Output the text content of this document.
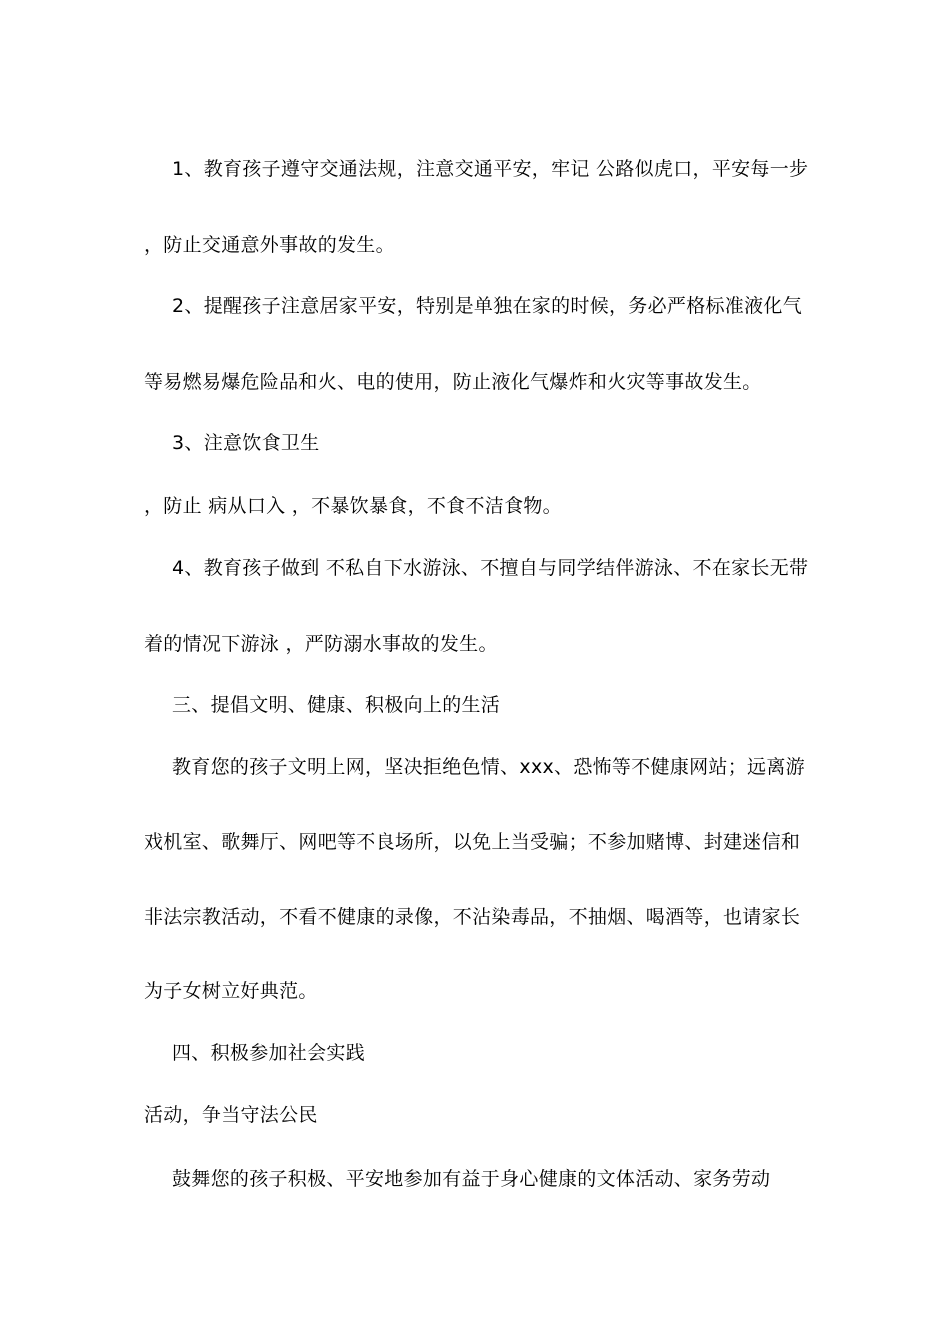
1、教育孩子遵守交通法规，注意交通平安，牢记 公路似虎口，平安每一步

，防止交通意外事故的发生。

2、提醒孩子注意居家平安，特别是单独在家的时候，务必严格标准液化气

等易燃易爆危险品和火、电的使用，防止液化气爆炸和火灾等事故发生。

3、注意饮食卫生

，防止 病从口入 ，不暴饮暴食，不食不洁食物。

4、教育孩子做到 不私自下水游泳、不擅自与同学结伴游泳、不在家长无带

着的情况下游泳 ，严防溺水事故的发生。

三、提倡文明、健康、积极向上的生活

教育您的孩子文明上网，坚决拒绝色情、xxx、恐怖等不健康网站；远离游

戏机室、歌舞厅、网吧等不良场所，以免上当受骗；不参加赌博、封建迷信和

非法宗教活动，不看不健康的录像，不沾染毒品，不抽烟、喝酒等，也请家长

为子女树立好典范。

四、积极参加社会实践

活动，争当守法公民

鼓舞您的孩子积极、平安地参加有益于身心健康的文体活动、家务劳动
